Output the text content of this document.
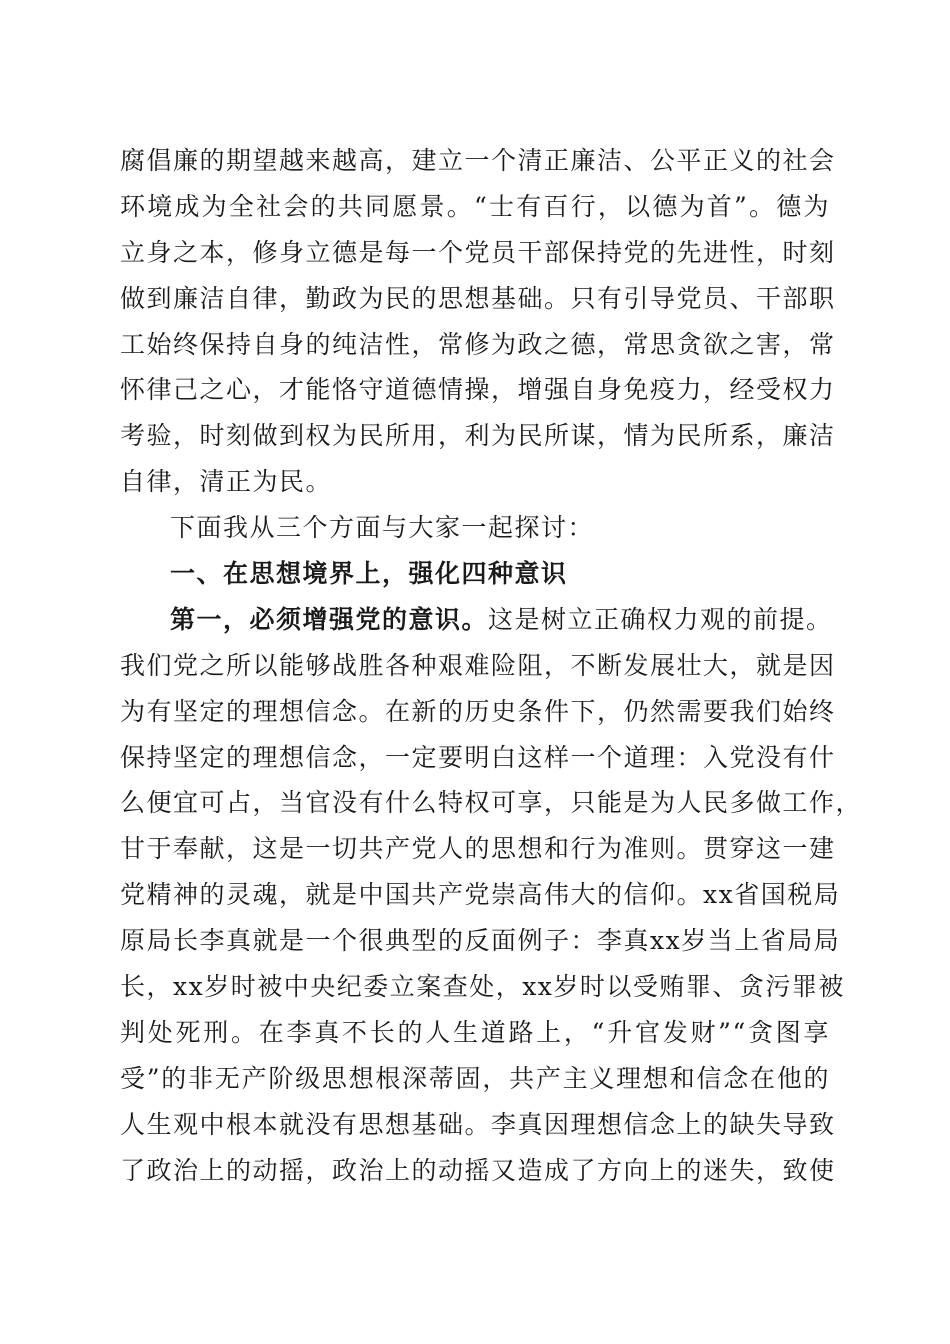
腐倡廉的期望越来越高，建立一个清正廉洁、公平正义的社会
环境成为全社会的共同愿景。“士有百行，以德为首”。德为
立身之本，修身立德是每一个党员干部保持党的先进性，时刻
做到廉洁自律，勤政为民的思想基础。只有引导党员、干部职
工始终保持自身的纯洁性，常修为政之德，常思贪欲之害，常
怀律己之心，才能恪守道德情操，增强自身免疫力，经受权力
考验，时刻做到权为民所用，利为民所谋，情为民所系，廉洁
自律，清正为民。
下面我从三个方面与大家一起探讨：
一、在思想境界上，强化四种意识
第一，必须增强党的意识。这是树立正确权力观的前提。
我们党之所以能够战胜各种艰难险阻，不断发展壮大，就是因
为有坚定的理想信念。在新的历史条件下，仍然需要我们始终
保持坚定的理想信念，一定要明白这样一个道理：入党没有什
么便宜可占，当官没有什么特权可享，只能是为人民多做工作，
甘于奉献，这是一切共产党人的思想和行为准则。贯穿这一建
党精神的灵魂，就是中国共产党崇高伟大的信仰。xx省国税局
原局长李真就是一个很典型的反面例子：李真xx岁当上省局局
长，xx岁时被中央纪委立案查处，xx岁时以受贿罪、贪污罪被
判处死刑。在李真不长的人生道路上，“升官发财”“贪图享
受”的非无产阶级思想根深蒂固，共产主义理想和信念在他的
人生观中根本就没有思想基础。李真因理想信念上的缺失导致
了政治上的动摇，政治上的动摇又造成了方向上的迷失，致使
